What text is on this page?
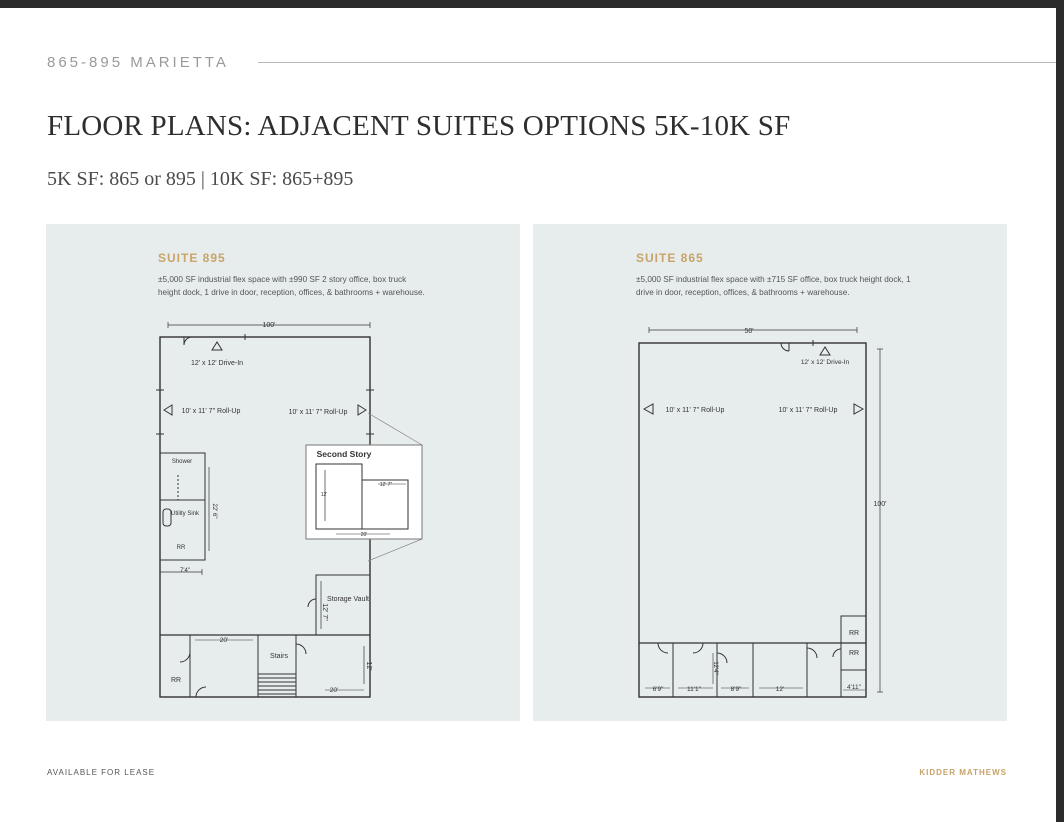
865-895 MARIETTA
FLOOR PLANS: ADJACENT SUITES OPTIONS 5K-10K SF
5K SF: 865 or 895 | 10K SF: 865+895
SUITE 895
±5,000 SF industrial flex space with ±990 SF 2 story office, box truck height dock, 1 drive in door, reception, offices, & bathrooms + warehouse.
100'
12' x 12' Drive-In
10' x 11' 7" Roll-Up	10' x 11' 7" Roll-Up
Second Story
12'
12' 7"
20'
Shower
Utility Sink
RR
22' 6"
7'4"
Storage Vault
12' 7"
20'
Stairs
12'
RR
20'
SUITE 865
±5,000 SF industrial flex space with ±715 SF office, box truck height dock, 1 drive in door, reception, offices, & bathrooms + warehouse.
50'
12' x 12' Drive-In
10' x 11' 7" Roll-Up	10' x 11' 7" Roll-Up
100'
RR
RR
12'4"
6'9"	11'1"	8'9"	12'	4'11"
AVAILABLE FOR LEASE	KIDDER MATHEWS
